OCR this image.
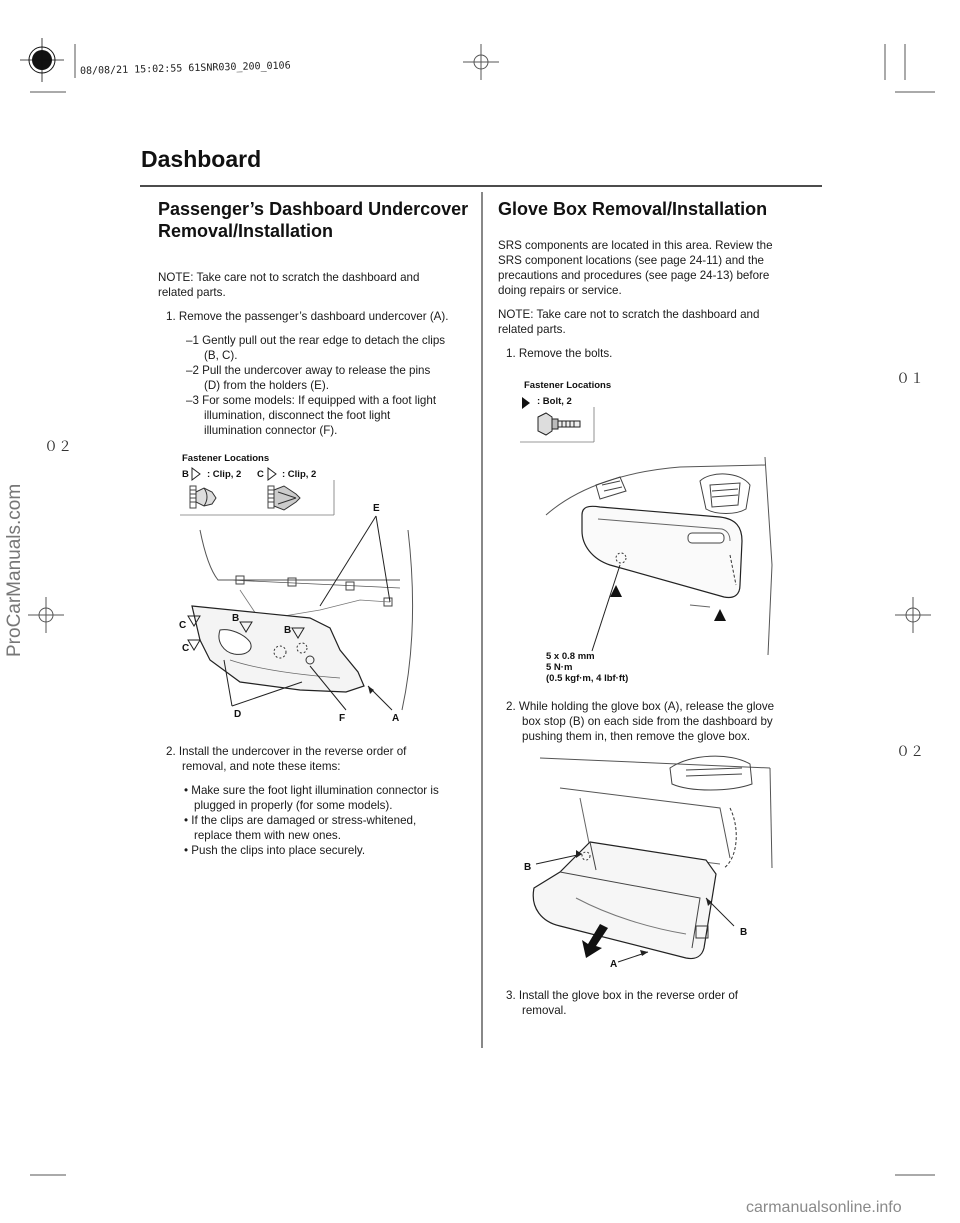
08/08/21 15:02:55 61SNR030_200_0106
Dashboard
Passenger’s Dashboard Undercover
Removal/Installation

NOTE: Take care not to scratch the dashboard and

related parts.

1. Remove the passenger’s dashboard undercover (A).

–1 Gently pull out the rear edge to detach the clips

(B, C).

–2 Pull the undercover away to release the pins

(D) from the holders (E).

–3 For some models: If equipped with a foot light

illumination, disconnect the foot light

illumination connector (F).

Fastener Locations
B : Clip, 2 C : Clip, 2
E
C
C
B
B
D	F	A

2. Install the undercover in the reverse order of

removal, and note these items:

• Make sure the foot light illumination connector is

plugged in properly (for some models).

• If the clips are damaged or stress-whitened,

replace them with new ones.

• Push the clips into place securely.

Glove Box Removal/Installation

SRS components are located in this area. Review the

SRS component locations (see page 24-11) and the

precautions and procedures (see page 24-13) before

doing repairs or service.

NOTE: Take care not to scratch the dashboard and

related parts.

1. Remove the bolts.

Fastener Locations
: Bolt, 2
5 x 0.8 mm
5 N·m
(0.5 kgf·m, 4 lbf·ft)

2. While holding the glove box (A), release the glove

box stop (B) on each side from the dashboard by

pushing them in, then remove the glove box.

B
B
A

3. Install the glove box in the reverse order of

removal.

０１
０２
０２
ProCarManuals.com
carmanualsonline.info
